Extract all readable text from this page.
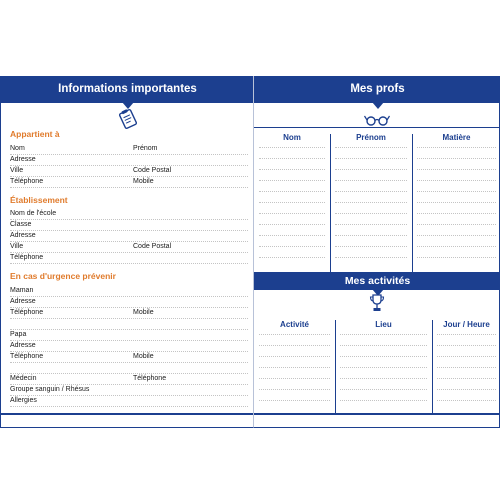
Informations importantes
Appartient à
Nom	Prénom
Adresse
Ville	Code Postal
Téléphone	Mobile
Établissement
Nom de l'école
Classe
Adresse
Ville	Code Postal
Téléphone
En cas d'urgence prévenir
Maman
Adresse
Téléphone	Mobile
Papa
Adresse
Téléphone	Mobile
Médecin	Téléphone
Groupe sanguin / Rhésus
Allergies
Mes profs
Nom	Prénom	Matière
Mes activités
Activité	Lieu	Jour / Heure
